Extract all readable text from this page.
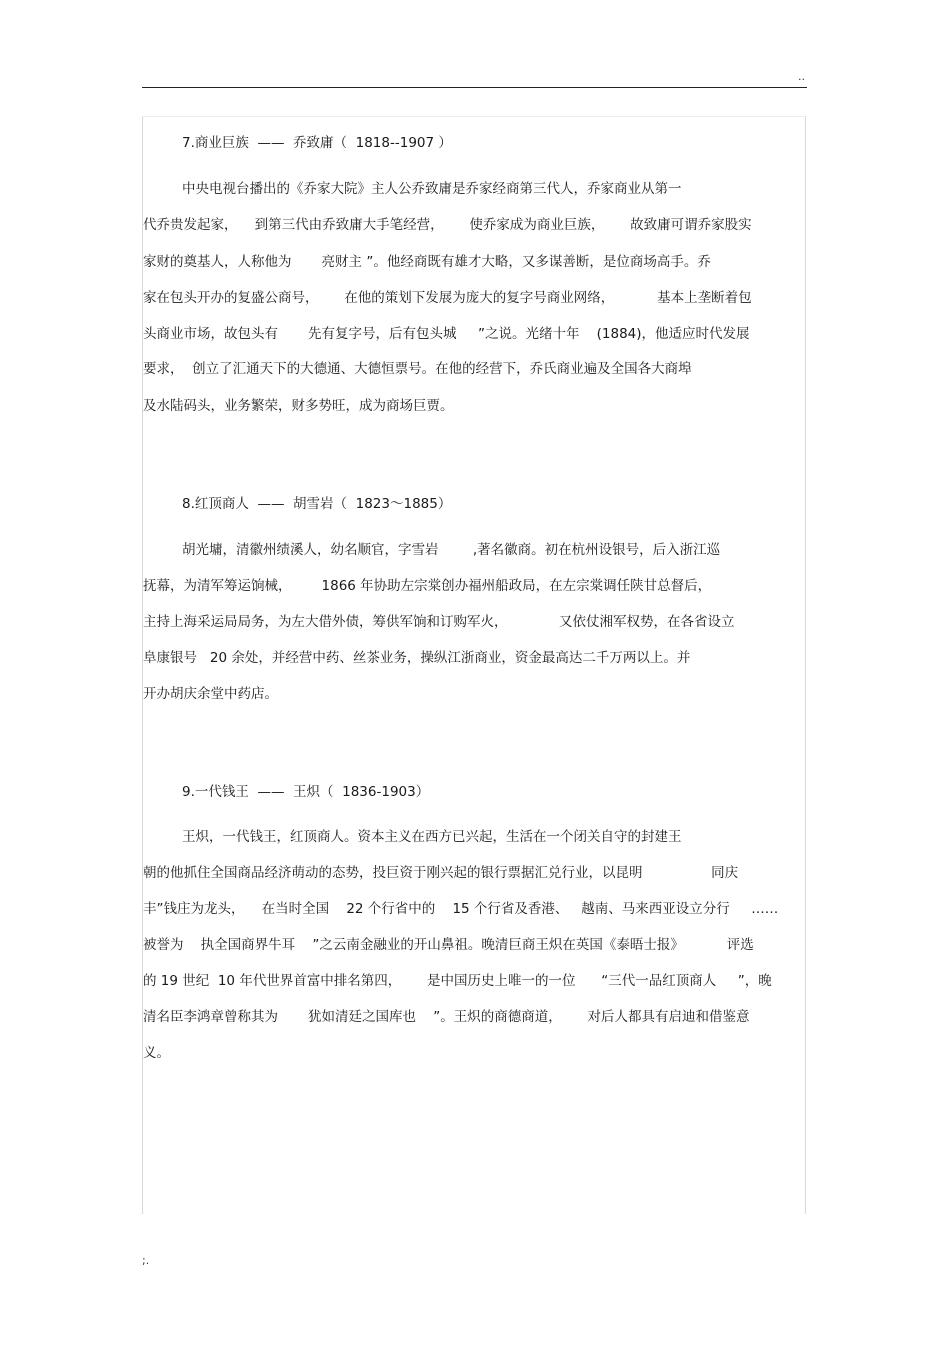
..
7.商业巨族  ——  乔致庸（  1818--1907 ）
中央电视台播出的《乔家大院》主人公乔致庸是乔家经商第三代人，乔家商业从第一
代乔贵发起家，    到第三代由乔致庸大手笔经营，      使乔家成为商业巨族，      故致庸可谓乔家股实
家财的奠基人，人称他为       亮财主 ”。他经商既有雄才大略，又多谋善断，是位商场高手。乔
家在包头开办的复盛公商号，      在他的策划下发展为庞大的复字号商业网络，          基本上垄断着包
头商业市场，故包头有       先有复字号，后有包头城     ”之说。光绪十年    (1884)，他适应时代发展
要求，  创立了汇通天下的大德通、大德恒票号。在他的经营下，乔氏商业遍及全国各大商埠
及水陆码头，业务繁荣，财多势旺，成为商场巨贾。
8.红顶商人  ——  胡雪岩（  1823～1885）
胡光墉，清徽州绩溪人，幼名顺官，字雪岩        ,著名徽商。初在杭州设银号，后入浙江巡
抚幕，为清军筹运饷械，       1866 年协助左宗棠创办福州船政局，在左宗棠调任陕甘总督后，
主持上海采运局局务，为左大借外债，筹供军饷和订购军火，            又依仗湘军权势，在各省设立
阜康银号   20 余处，并经营中药、丝茶业务，操纵江浙商业，资金最高达二千万两以上。并
开办胡庆余堂中药店。
9.一代钱王  ——  王炽（  1836-1903）
王炽，一代钱王，红顶商人。资本主义在西方已兴起，生活在一个闭关自守的封建王
朝的他抓住全国商品经济萌动的态势，投巨资于刚兴起的银行票据汇兑行业，以昆明                同庆
丰”钱庄为龙头，    在当时全国    22 个行省中的    15 个行省及香港、   越南、马来西亚设立分行     ……
被誉为    执全国商界牛耳    ”之云南金融业的开山鼻祖。晚清巨商王炽在英国《泰晤士报》          评选
的 19 世纪  10 年代世界首富中排名第四，      是中国历史上唯一的一位      “三代一品红顶商人     ”，晚
清名臣李鸿章曾称其为       犹如清廷之国库也    ”。王炽的商德商道，      对后人都具有启迪和借鉴意
义。
;.
